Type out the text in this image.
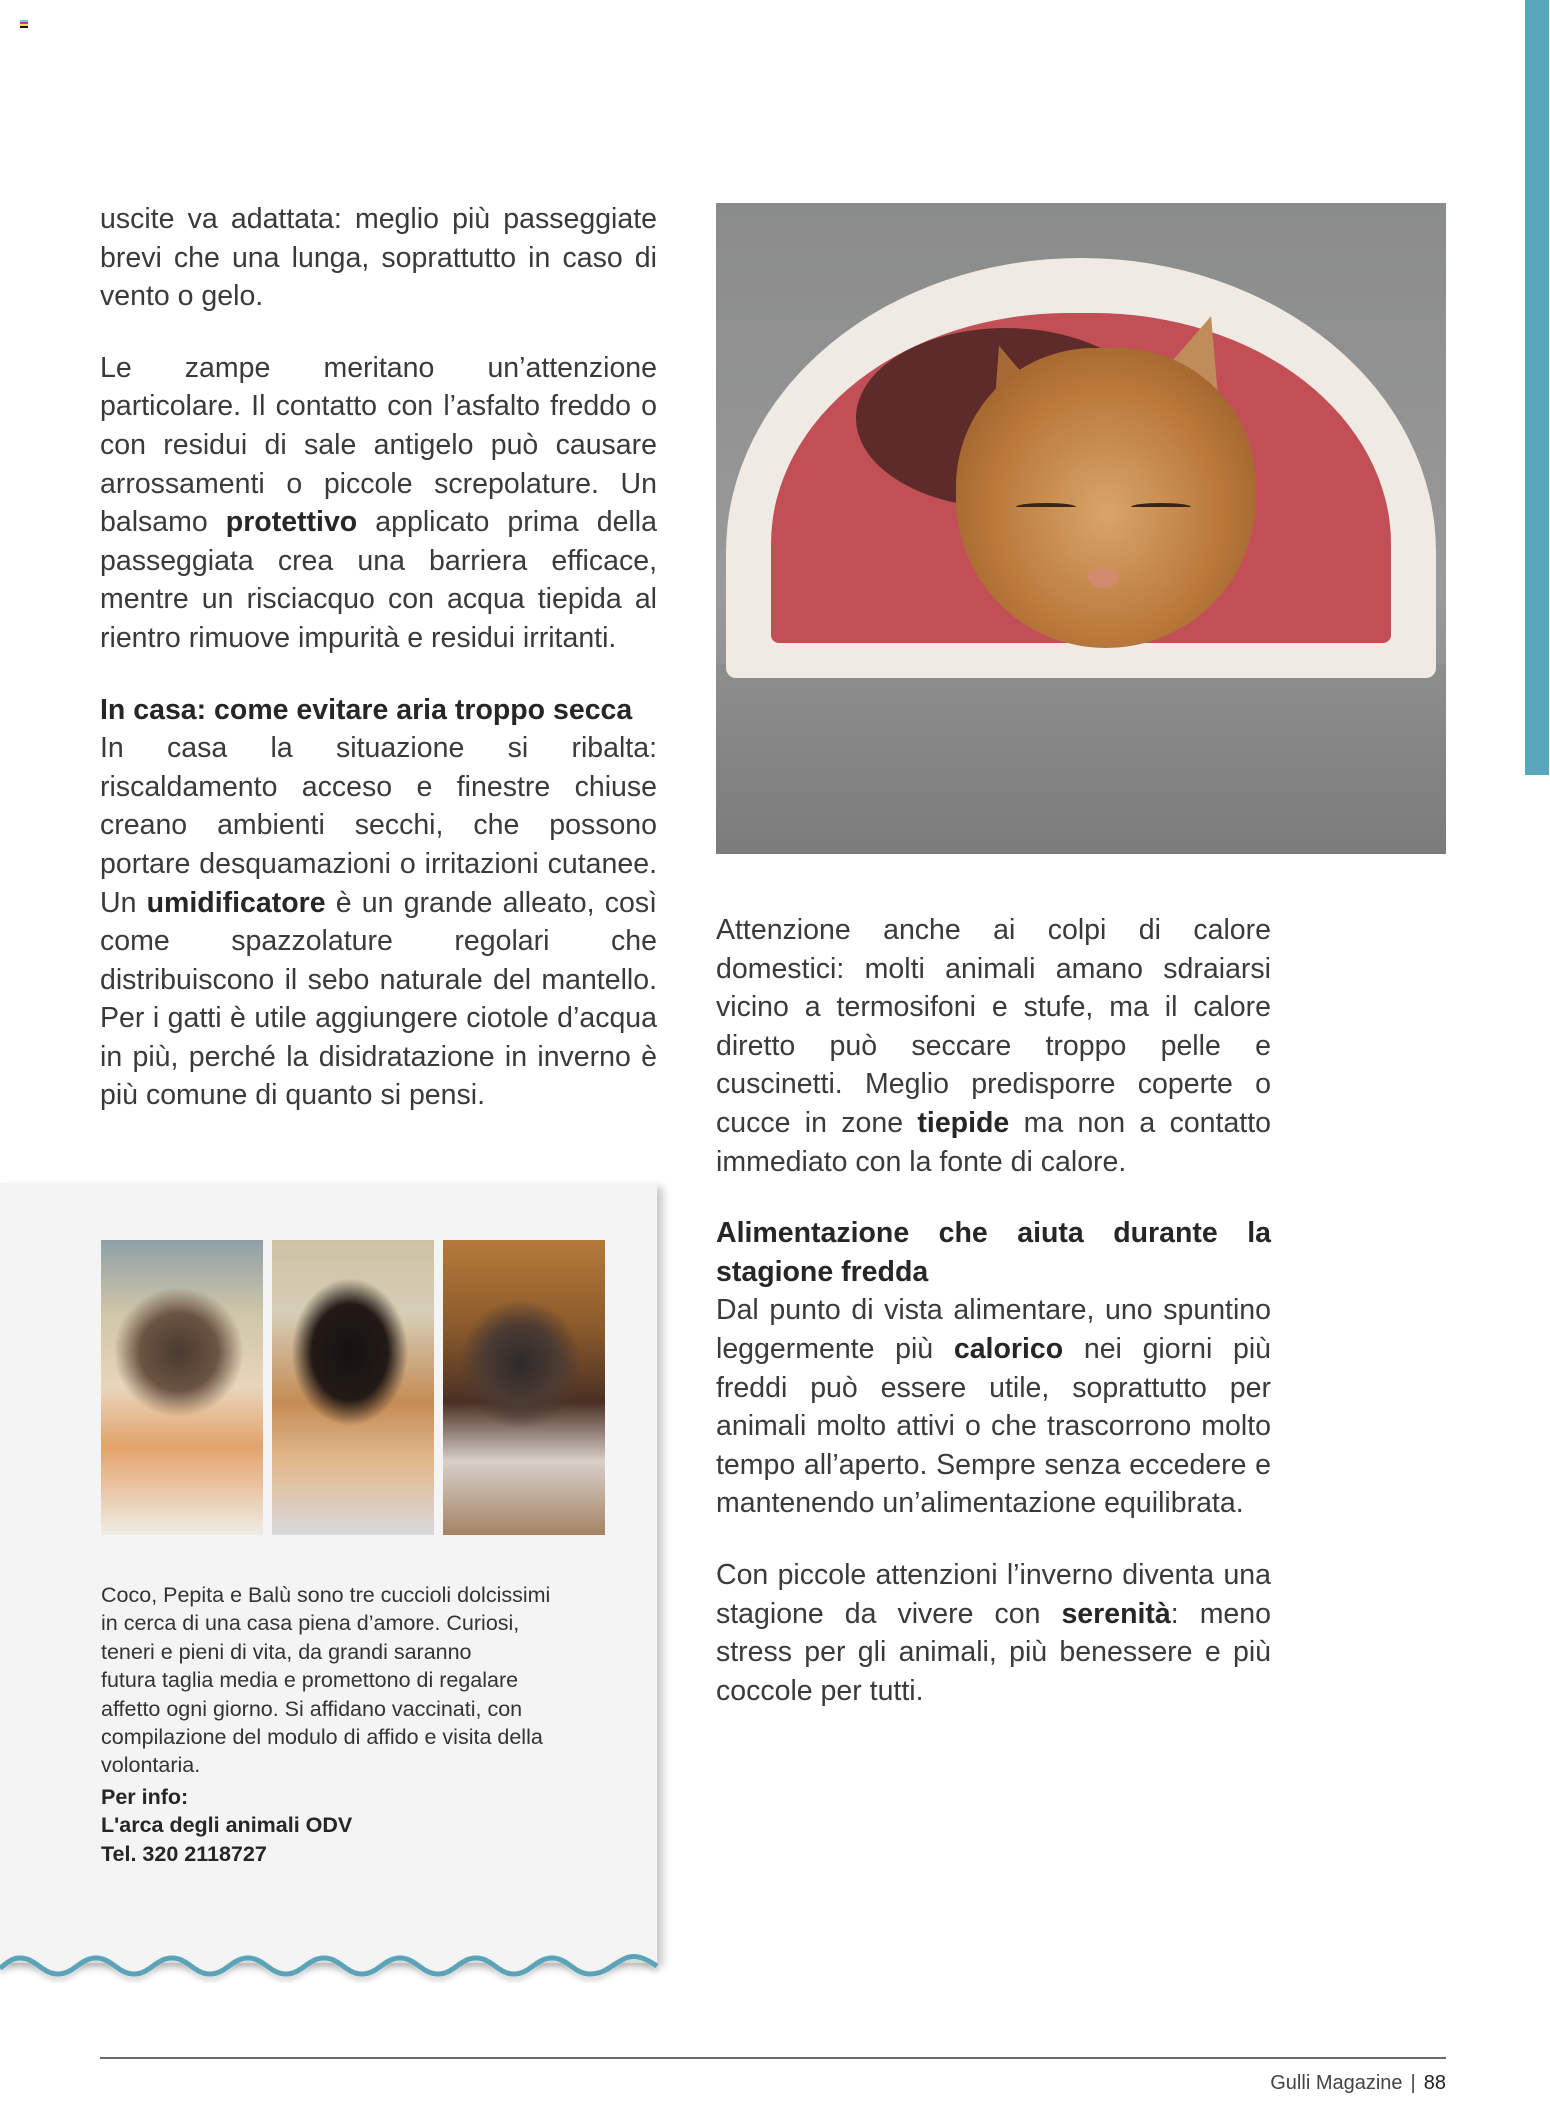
uscite va adattata: meglio più passeggiate brevi che una lunga, soprattutto in caso di vento o gelo.

Le zampe meritano un’attenzione particolare. Il contatto con l’asfalto freddo o con residui di sale antigelo può causare arrossamenti o piccole screpolature. Un balsamo protettivo applicato prima della passeggiata crea una barriera efficace, mentre un risciacquo con acqua tiepida al rientro rimuove impurità e residui irritanti.

In casa: come evitare aria troppo secca

In casa la situazione si ribalta: riscaldamento acceso e finestre chiuse creano ambienti secchi, che possono portare desquamazioni o irritazioni cutanee. Un umidificatore è un grande alleato, così come spazzolature regolari che distribuiscono il sebo naturale del mantello. Per i gatti è utile aggiungere ciotole d’acqua in più, perché la disidratazione in inverno è più comune di quanto si pensi.

Attenzione anche ai colpi di calore domestici: molti animali amano sdraiarsi vicino a termosifoni e stufe, ma il calore diretto può seccare troppo pelle e cuscinetti. Meglio predisporre coperte o cucce in zone tiepide ma non a contatto immediato con la fonte di calore.

Alimentazione che aiuta durante la stagione fredda

Dal punto di vista alimentare, uno spuntino leggermente più calorico nei giorni più freddi può essere utile, soprattutto per animali molto attivi o che trascorrono molto tempo all’aperto. Sempre senza eccedere e mantenendo un’alimentazione equilibrata.

Con piccole attenzioni l’inverno diventa una stagione da vivere con serenità: meno stress per gli animali, più benessere e più coccole per tutti.

Coco, Pepita e Balù sono tre cuccioli dolcissimi
in cerca di una casa piena d’amore. Curiosi,
teneri e pieni di vita, da grandi saranno
futura taglia media e promettono di regalare
affetto ogni giorno. Si affidano vaccinati, con
compilazione del modulo di affido e visita della
volontaria.
Per info:
L'arca degli animali ODV
Tel. 320 2118727
Gulli Magazine | 88
